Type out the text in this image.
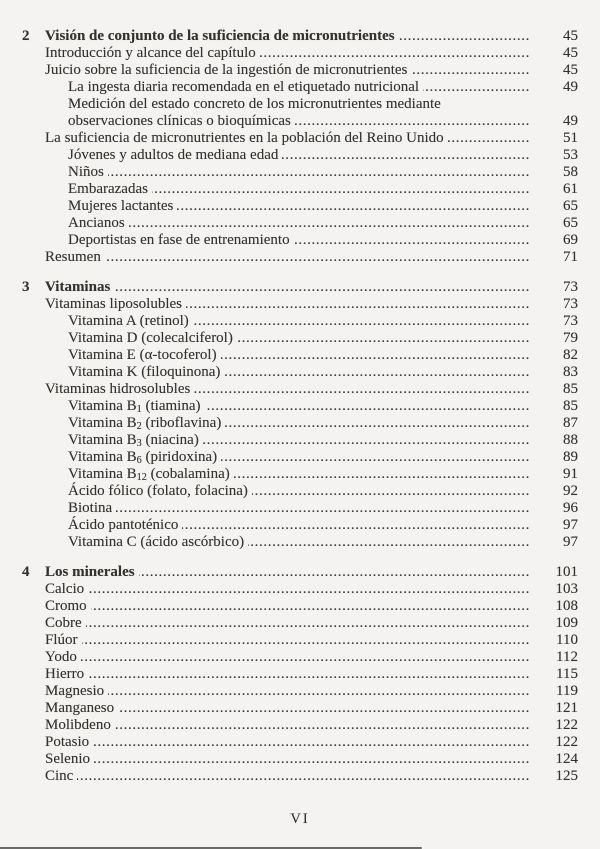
2	Visión de conjunto de la suficiencia de micronutrientes .....	45
Introducción y alcance del capítulo .....	45
Juicio sobre la suficiencia de la ingestión de micronutrientes .....	45
La ingesta diaria recomendada en el etiquetado nutricional .....	49
Medición del estado concreto de los micronutrientes mediante
observaciones clínicas o bioquímicas .....	49
La suficiencia de micronutrientes en la población del Reino Unido .....	51
Jóvenes y adultos de mediana edad .....	53
Niños .....	58
Embarazadas .....	61
Mujeres lactantes .....	65
Ancianos .....	65
Deportistas en fase de entrenamiento .....	69
Resumen .....	71
3	Vitaminas .....	73
Vitaminas liposolubles .....	73
Vitamina A (retinol) .....	73
Vitamina D (colecalciferol) .....	79
Vitamina E (α-tocoferol) .....	82
Vitamina K (filoquinona) .....	83
Vitaminas hidrosolubles .....	85
Vitamina $B_1$ (tiamina) .....	85
Vitamina $B_2$ (riboflavina) .....	87
Vitamina $B_3$ (niacina) .....	88
Vitamina $B_6$ (piridoxina) .....	89
Vitamina $B_{12}$ (cobalamina) .....	91
Ácido fólico (folato, folacina) .....	92
Biotina .....	96
Ácido pantoténico .....	97
Vitamina C (ácido ascórbico) .....	97
4	Los minerales .....	101
Calcio .....	103
Cromo .....	108
Cobre .....	109
Flúor .....	110
Yodo .....	112
Hierro .....	115
Magnesio .....	119
Manganeso .....	121
Molibdeno .....	122
Potasio .....	122
Selenio .....	124
Cinc .....	125
VI
